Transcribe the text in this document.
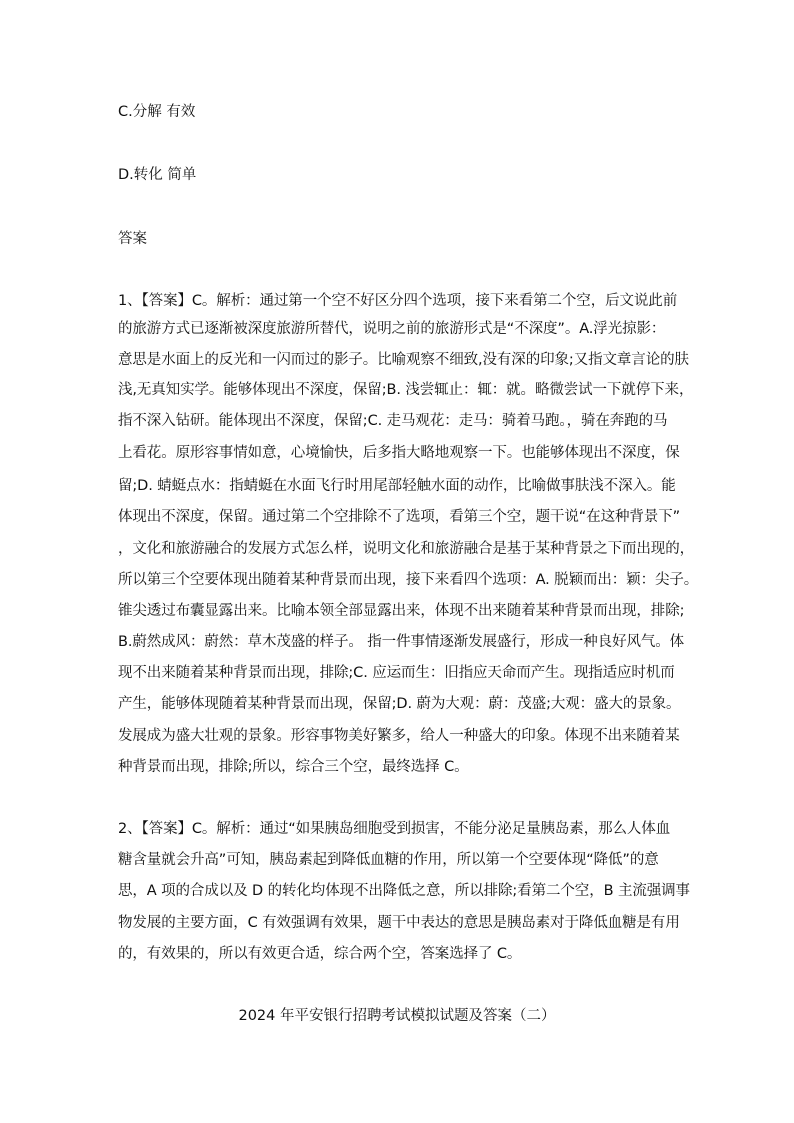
C.分解 有效
D.转化 简单
答案
1、【答案】C。解析：通过第一个空不好区分四个选项，接下来看第二个空，后文说此前
的旅游方式已逐渐被深度旅游所替代，说明之前的旅游形式是“不深度”。A.浮光掠影：
意思是水面上的反光和一闪而过的影子。比喻观察不细致,没有深的印象;又指文章言论的肤
浅,无真知实学。能够体现出不深度，保留;B. 浅尝辄止：辄：就。略微尝试一下就停下来，
指不深入钻研。能体现出不深度，保留;C. 走马观花：走马：骑着马跑。，骑在奔跑的马
上看花。原形容事情如意，心境愉快，后多指大略地观察一下。也能够体现出不深度，保
留;D. 蜻蜓点水：指蜻蜓在水面飞行时用尾部轻触水面的动作，比喻做事肤浅不深入。能
体现出不深度，保留。通过第二个空排除不了选项，看第三个空，题干说“在这种背景下”
，文化和旅游融合的发展方式怎么样，说明文化和旅游融合是基于某种背景之下而出现的，
所以第三个空要体现出随着某种背景而出现，接下来看四个选项：A. 脱颖而出：颖：尖子。
锥尖透过布囊显露出来。比喻本领全部显露出来，体现不出来随着某种背景而出现，排除;
B.蔚然成风：蔚然：草木茂盛的样子。 指一件事情逐渐发展盛行，形成一种良好风气。体
现不出来随着某种背景而出现，排除;C. 应运而生：旧指应天命而产生。现指适应时机而
产生，能够体现随着某种背景而出现，保留;D. 蔚为大观：蔚：茂盛;大观：盛大的景象。
发展成为盛大壮观的景象。形容事物美好繁多，给人一种盛大的印象。体现不出来随着某
种背景而出现，排除;所以，综合三个空，最终选择 C。
2、【答案】C。解析：通过“如果胰岛细胞受到损害，不能分泌足量胰岛素，那么人体血
糖含量就会升高”可知，胰岛素起到降低血糖的作用，所以第一个空要体现“降低”的意
思，A 项的合成以及 D 的转化均体现不出降低之意，所以排除;看第二个空，B 主流强调事
物发展的主要方面，C 有效强调有效果，题干中表达的意思是胰岛素对于降低血糖是有用
的，有效果的，所以有效更合适，综合两个空，答案选择了 C。
2024 年平安银行招聘考试模拟试题及答案（二）
